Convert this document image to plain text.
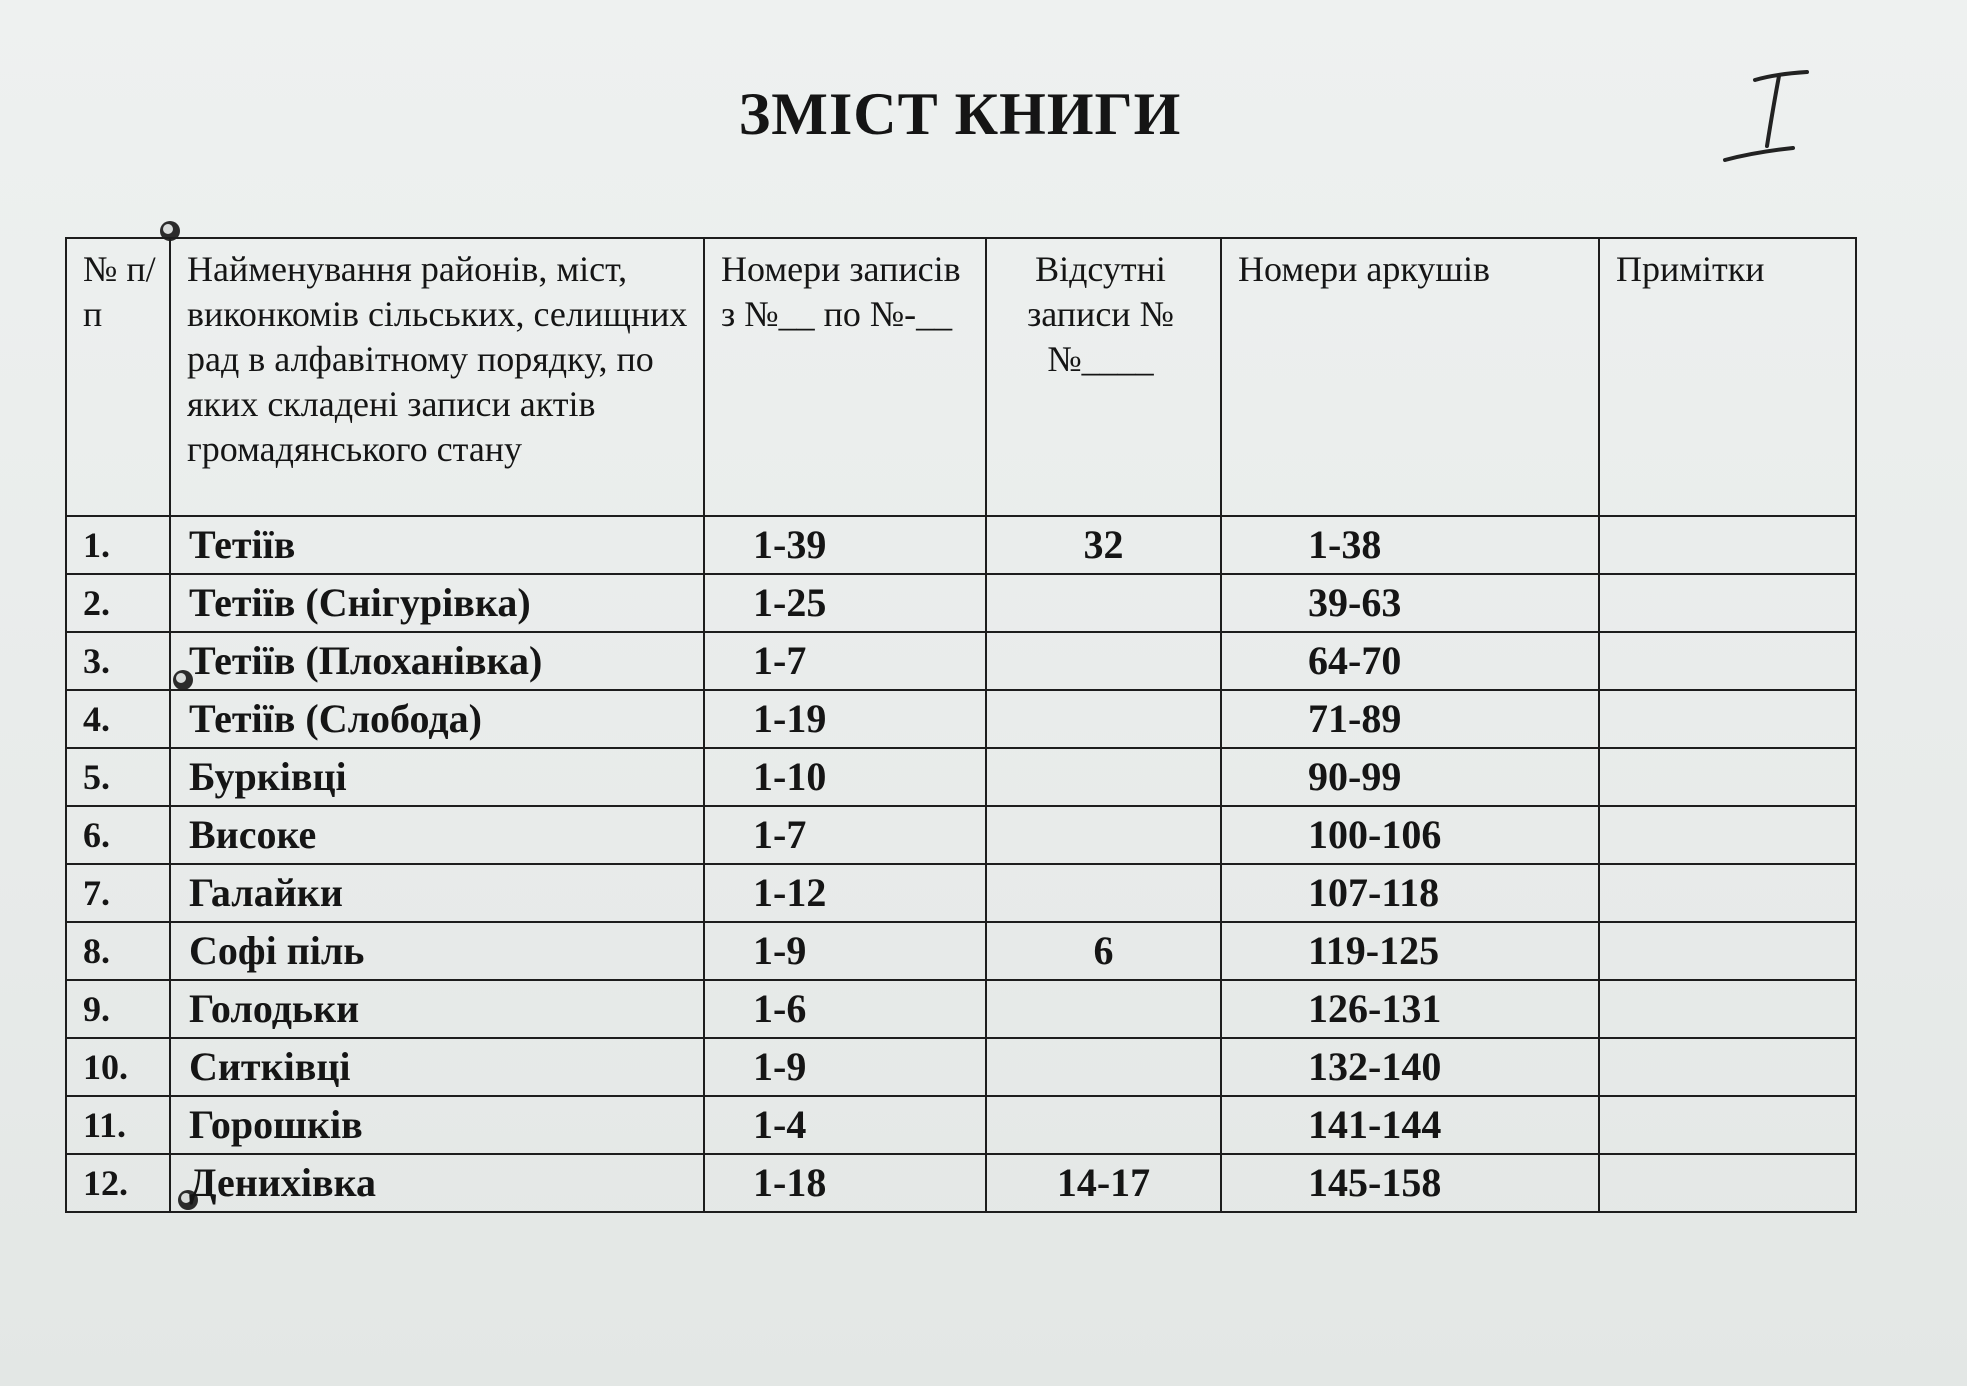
ЗМІСТ КНИГИ
№ п/п	Найменування районів, міст, виконкомів сільських, селищних рад в алфавітному порядку, по яких складені записи актів громадянського стану	Номери записів з №__ по №-__	Відсутні записи №№____	Номери аркушів	Примітки
1.	Тетіїв	1-39	32	1-38	
2.	Тетіїв (Снігурівка)	1-25		39-63	
3.	Тетіїв (Плоханівка)	1-7		64-70	
4.	Тетіїв (Слобода)	1-19		71-89	
5.	Бурківці	1-10		90-99	
6.	Високе	1-7		100-106	
7.	Галайки	1-12		107-118	
8.	Софі піль	1-9	6	119-125	
9.	Голодьки	1-6		126-131	
10.	Ситківці	1-9		132-140	
11.	Горошків	1-4		141-144	
12.	Денихівка	1-18	14-17	145-158	
